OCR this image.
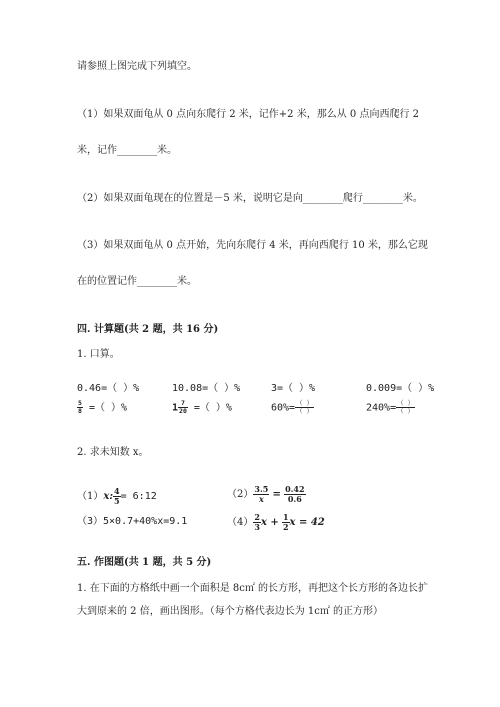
请参照上图完成下列填空。
（1）如果双面龟从 0 点向东爬行 2 米，记作+2 米，那么从 0 点向西爬行 2
米，记作________米。
（2）如果双面龟现在的位置是－5 米，说明它是向________爬行________米。
（3）如果双面龟从 0 点开始，先向东爬行 4 米，再向西爬行 10 米，那么它现
在的位置记作________米。
四. 计算题(共 2 题，共 16 分)
1. 口算。
0.46=（ ）%	10.08=（ ）%	3=（ ）%	0.009=（ ）%
$\frac{5}{8}$ =（ ）%	$1 \frac{7}{20}$ =（ ）%	$60\%= \frac{( )}{( )}$	$240\%= \frac{( )}{( )}$
2. 求未知数 x。
（1）x: $\frac{4}{5}$ = 6:12	$(2) \frac{3.5}{x} = \frac{0.42}{0.6}$
（3）5×0.7+40%x=9.1	$(4) \frac{2}{3}$ $x + \frac{1}{2}$ x = 42
五. 作图题(共 1 题，共 5 分)
1. 在下面的方格纸中画一个面积是 8c㎡ 的长方形，再把这个长方形的各边长扩
大到原来的 2 倍，画出图形。（每个方格代表边长为 1c㎡ 的正方形）
